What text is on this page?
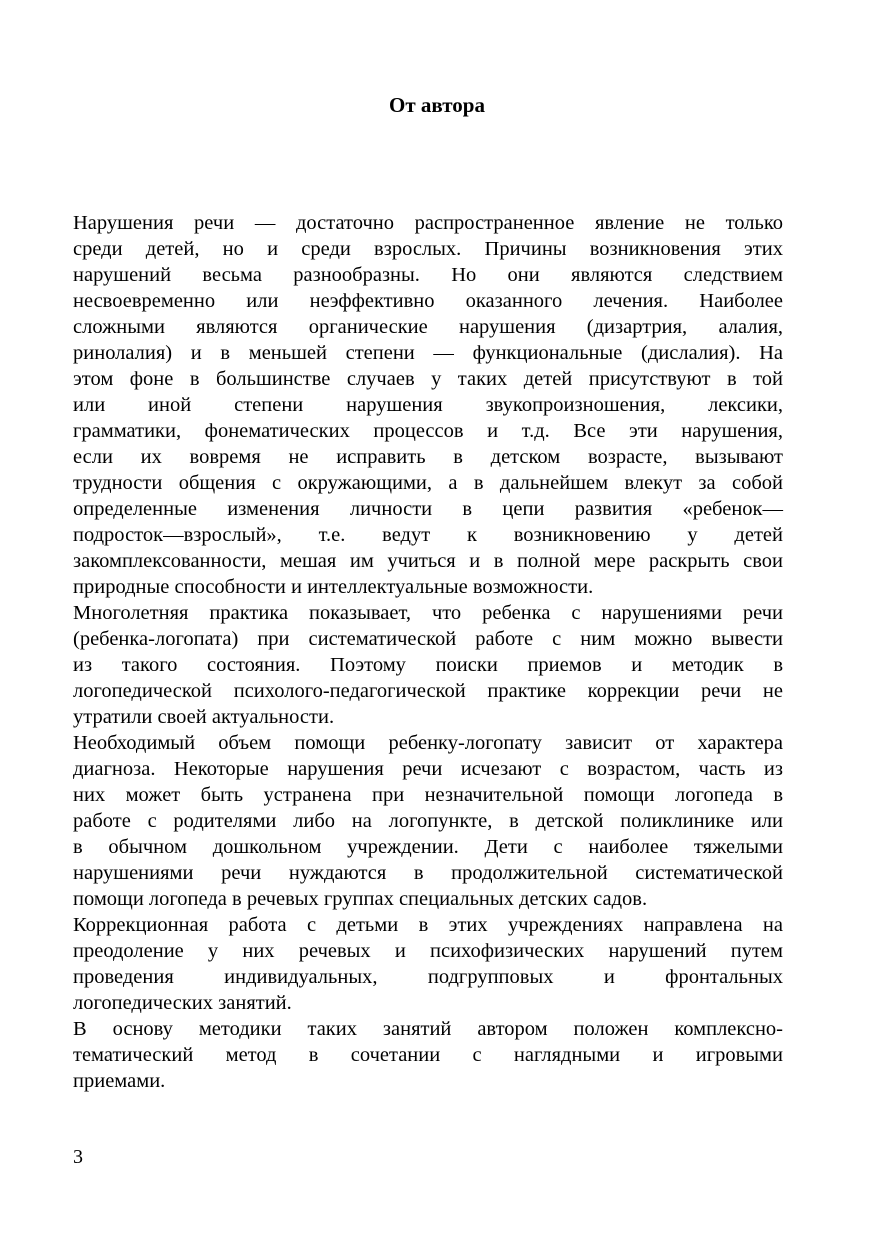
От автора
Нарушения речи — достаточно распространенное явление не только
среди детей, но и среди взрослых. Причины возникновения этих
нарушений весьма разнообразны. Но они являются следствием
несвоевременно или неэффективно оказанного лечения. Наиболее
сложными являются органические нарушения (дизартрия, алалия,
ринолалия) и в меньшей степени — функциональные (дислалия). На
этом фоне в большинстве случаев у таких детей присутствуют в той
или иной степени нарушения звукопроизношения, лексики,
грамматики, фонематических процессов и т.д. Все эти нарушения,
если их вовремя не исправить в детском возрасте, вызывают
трудности общения с окружающими, а в дальнейшем влекут за собой
определенные изменения личности в цепи развития «ребенок—
подросток—взрослый», т.е. ведут к возникновению у детей
закомплексованности, мешая им учиться и в полной мере раскрыть свои
природные способности и интеллектуальные возможности.
Многолетняя практика показывает, что ребенка с нарушениями речи
(ребенка-логопата) при систематической работе с ним можно вывести
из такого состояния. Поэтому поиски приемов и методик в
логопедической психолого-педагогической практике коррекции речи не
утратили своей актуальности.
Необходимый объем помощи ребенку-логопату зависит от характера
диагноза. Некоторые нарушения речи исчезают с возрастом, часть из
них может быть устранена при незначительной помощи логопеда в
работе с родителями либо на логопункте, в детской поликлинике или
в обычном дошкольном учреждении. Дети с наиболее тяжелыми
нарушениями речи нуждаются в продолжительной систематической
помощи логопеда в речевых группах специальных детских садов.
Коррекционная работа с детьми в этих учреждениях направлена на
преодоление у них речевых и психофизических нарушений путем
проведения индивидуальных, подгрупповых и фронтальных
логопедических занятий.
В основу методики таких занятий автором положен комплексно-
тематический метод в сочетании с наглядными и игровыми
приемами.
3
